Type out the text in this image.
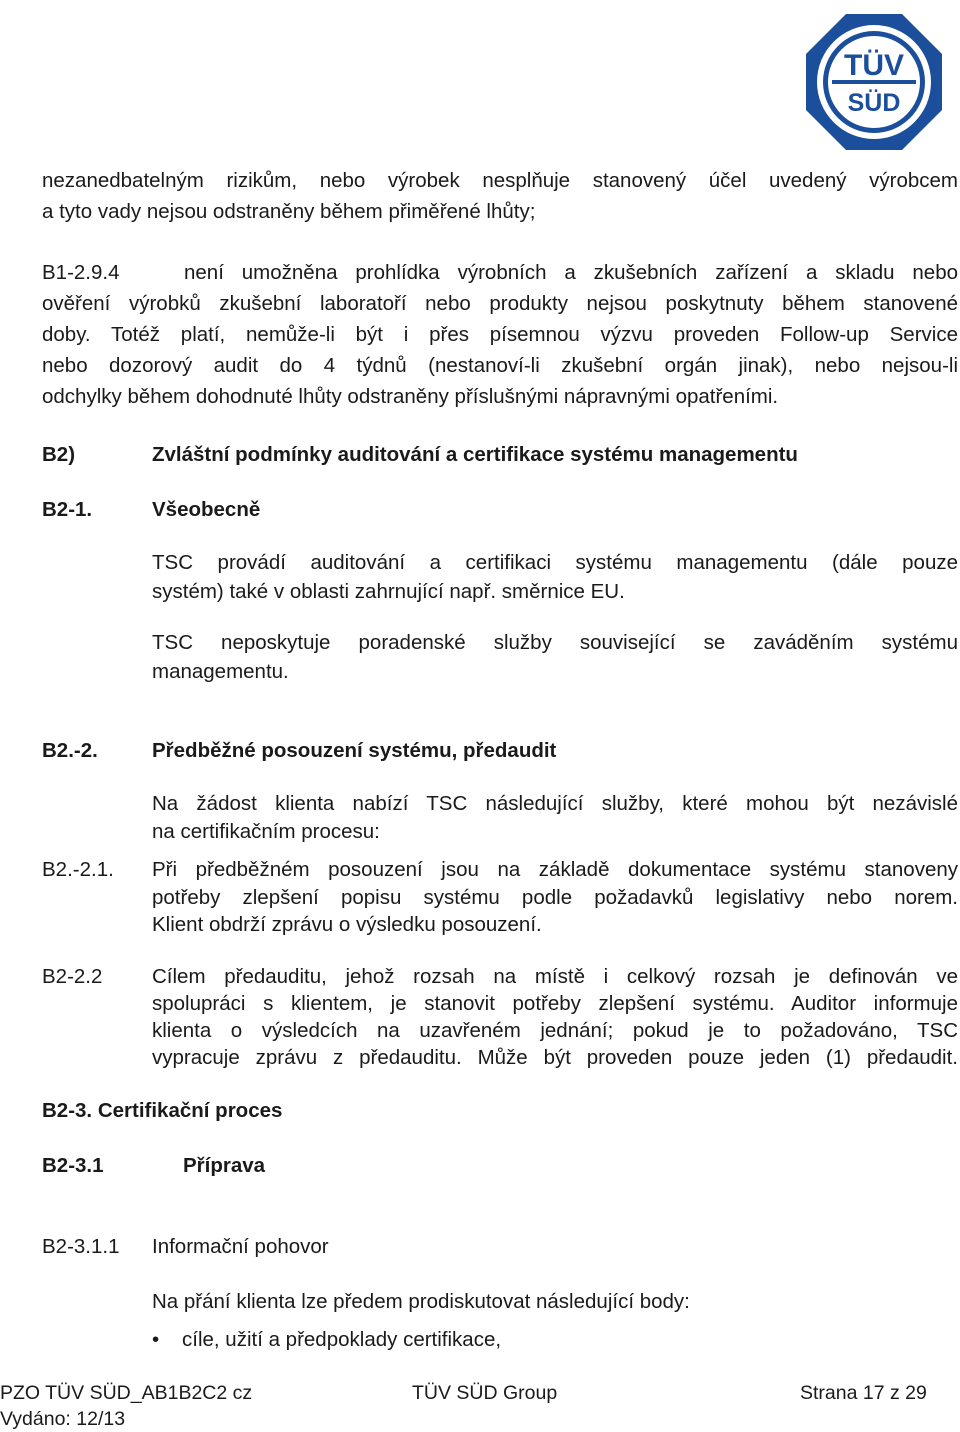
TÜV
SÜD
nezanedbatelným rizikům, nebo výrobek nesplňuje stanovený účel uvedený výrobcem
a tyto vady nejsou odstraněny během přiměřené lhůty;
B1-2.9.4	není umožněna prohlídka výrobních a zkušebních zařízení a skladu nebo
ověření výrobků zkušební laboratoří nebo produkty nejsou poskytnuty během stanovené
doby. Totéž platí, nemůže-li být i přes písemnou výzvu proveden Follow-up Service
nebo dozorový audit do 4 týdnů (nestanoví-li zkušební orgán jinak), nebo nejsou-li
odchylky během dohodnuté lhůty odstraněny příslušnými nápravnými opatřeními.
B2)	Zvláštní podmínky auditování a certifikace systému managementu
B2-1.	Všeobecně
TSC provádí auditování a certifikaci systému managementu (dále pouze
systém) také v oblasti zahrnující např. směrnice EU.
TSC neposkytuje poradenské služby související se zaváděním systému
managementu.
B2.-2.	Předběžné posouzení systému, předaudit
Na žádost klienta nabízí TSC následující služby, které mohou být nezávislé
na certifikačním procesu:
B2.-2.1. Při předběžném posouzení jsou na základě dokumentace systému stanoveny
potřeby zlepšení popisu systému podle požadavků legislativy nebo norem.
Klient obdrží zprávu o výsledku posouzení.
B2-2.2 Cílem předauditu, jehož rozsah na místě i celkový rozsah je definován ve
spolupráci s klientem, je stanovit potřeby zlepšení systému. Auditor informuje
klienta o výsledcích na uzavřeném jednání; pokud je to požadováno, TSC
vypracuje zprávu z předauditu. Může být proveden pouze jeden (1) předaudit.
B2-3. Certifikační proces
B2-3.1	Příprava
B2-3.1.1 Informační pohovor
Na přání klienta lze předem prodiskutovat následující body:
• cíle, užití a předpoklady certifikace,
PZO TÜV SÜD_AB1B2C2 cz	TÜV SÜD Group	Strana 17 z 29
Vydáno: 12/13
